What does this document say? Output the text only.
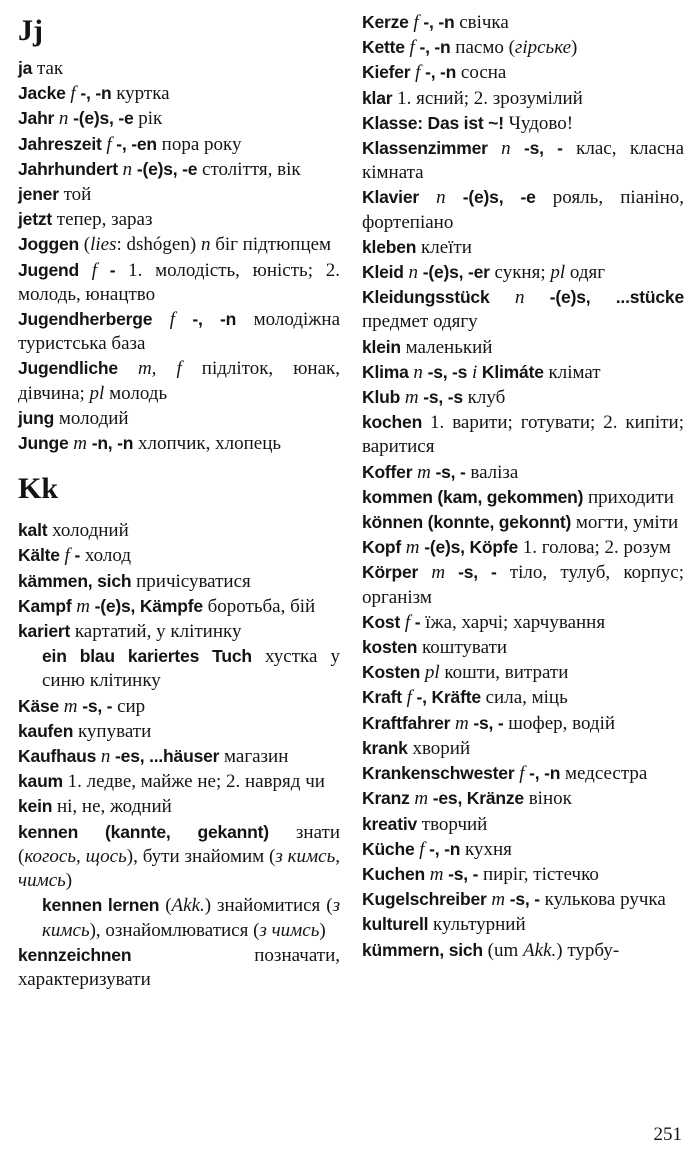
Jj

ja так

Jacke f -, -n куртка

Jahr n -(e)s, -e рік

Jahreszeit f -, -en пора року

Jahrhundert n -(e)s, -e століття, вік

jener той

jetzt тепер, зараз

Joggen (lies: dshógen) n біг підтюпцем

Jugend f - 1. молодість, юність; 2. молодь, юнацтво

Jugendherberge f -, -n молодіжна туристська база

Jugendliche m, f підліток, юнак, дівчина; pl молодь

jung молодий

Junge m -n, -n хлопчик, хлопець

Kk

kalt холодний

Kälte f - холод

kämmen, sich причісуватися

Kampf m -(e)s, Kämpfe боротьба, бій

kariert картатий, у клітинку

ein blau kariertes Tuch хустка у синю клітинку

Käse m -s, - сир

kaufen купувати

Kaufhaus n -es, ...häuser магазин

kaum 1. ледве, майже не; 2. навряд чи

kein ні, не, жодний

kennen (kannte, gekannt) знати (когось, щось), бути знайомим (з кимсь, чимсь)

kennen lernen (Akk.) знайомитися (з кимсь), ознайомлюватися (з чимсь)

kennzeichnen позначати, характеризувати

Kerze f -, -n свічка

Kette f -, -n пасмо (гірське)

Kiefer f -, -n сосна

klar 1. ясний; 2. зрозумілий

Klasse: Das ist ~! Чудово!

Klassenzimmer n -s, - клас, класна кімната

Klavier n -(e)s, -e рояль, піаніно, фортепіано

kleben клеїти

Kleid n -(e)s, -er сукня; pl одяг

Kleidungsstück n -(e)s, ...stücke предмет одягу

klein маленький

Klima n -s, -s i Klimáte клімат

Klub m -s, -s клуб

kochen 1. варити; готувати; 2. кипіти; варитися

Koffer m -s, - валіза

kommen (kam, gekommen) приходити

können (konnte, gekonnt) могти, уміти

Kopf m -(e)s, Köpfe 1. голова; 2. розум

Körper m -s, - тіло, тулуб, корпус; організм

Kost f - їжа, харчі; харчування

kosten коштувати

Kosten pl кошти, витрати

Kraft f -, Kräfte сила, міць

Kraftfahrer m -s, - шофер, водій

krank хворий

Krankenschwester f -, -n медсестра

Kranz m -es, Kränze вінок

kreativ творчий

Küche f -, -n кухня

Kuchen m -s, - пиріг, тістечко

Kugelschreiber m -s, - кулькова ручка

kulturell культурний

kümmern, sich (um Akk.) турбу-

251
